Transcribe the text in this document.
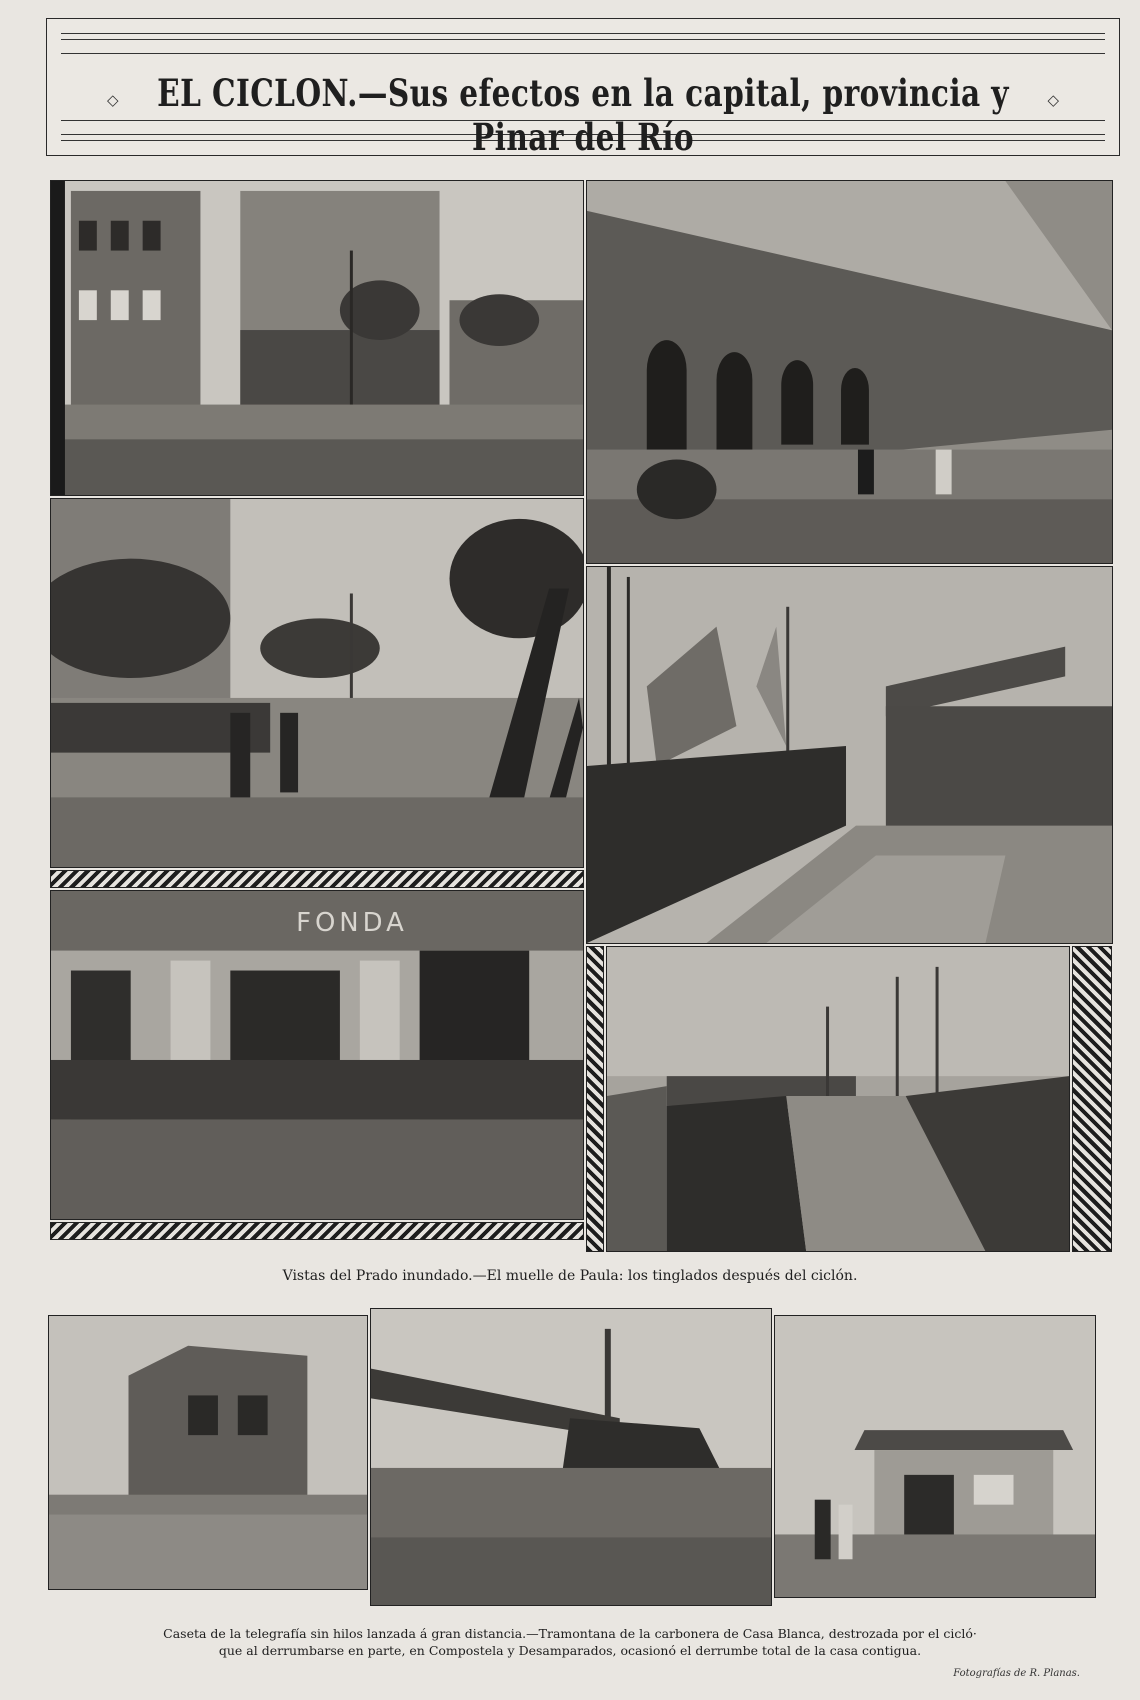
◇ EL CICLON.—Sus efectos en la capital, provincia y Pinar del Río
◇
FONDA
Vistas del Prado inundado.—El muelle de Paula: los tinglados después del ciclón.
Caseta de la telegrafía sin hilos lanzada á gran distancia.—Tramontana de la carbonera de Casa Blanca, destrozada por el cicló·
que al derrumbarse en parte, en Compostela y Desamparados, ocasionó el derrumbe total de la casa contigua.
Fotografías de R. Planas.
